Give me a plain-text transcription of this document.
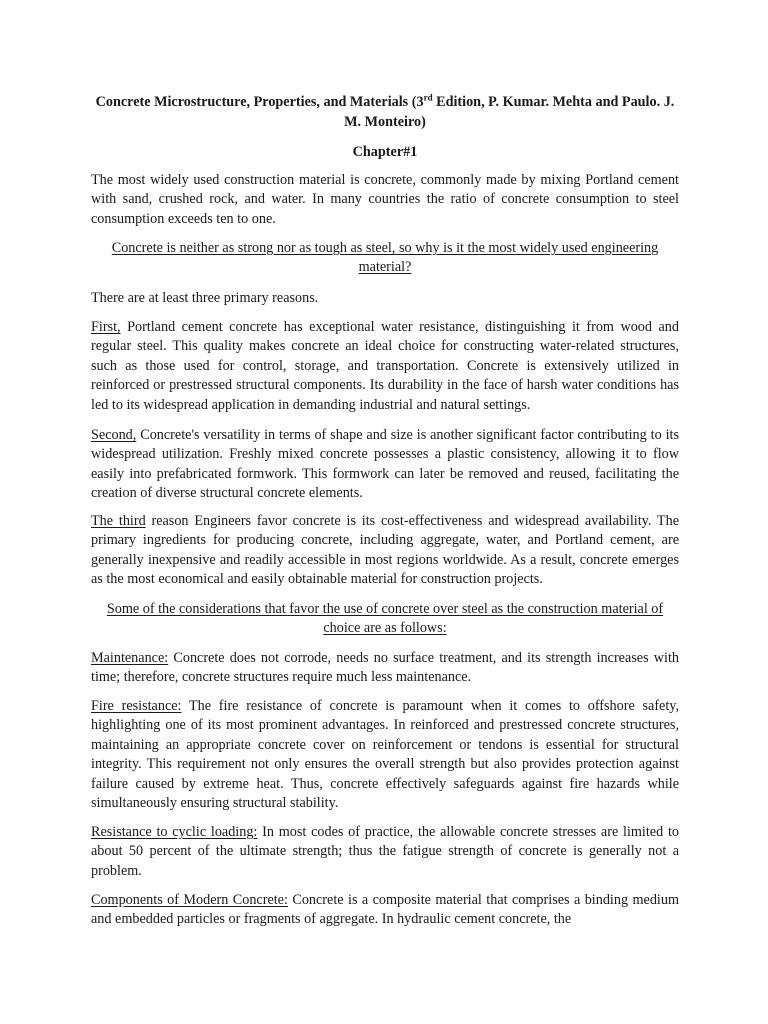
Concrete Microstructure, Properties, and Materials (3rd Edition, P. Kumar. Mehta and Paulo. J. M. Monteiro)
Chapter#1

The most widely used construction material is concrete, commonly made by mixing Portland cement with sand, crushed rock, and water. In many countries the ratio of concrete consumption to steel consumption exceeds ten to one.

Concrete is neither as strong nor as tough as steel, so why is it the most widely used engineering material?

There are at least three primary reasons.

First, Portland cement concrete has exceptional water resistance, distinguishing it from wood and regular steel. This quality makes concrete an ideal choice for constructing water-related structures, such as those used for control, storage, and transportation. Concrete is extensively utilized in reinforced or prestressed structural components. Its durability in the face of harsh water conditions has led to its widespread application in demanding industrial and natural settings.

Second, Concrete's versatility in terms of shape and size is another significant factor contributing to its widespread utilization. Freshly mixed concrete possesses a plastic consistency, allowing it to flow easily into prefabricated formwork. This formwork can later be removed and reused, facilitating the creation of diverse structural concrete elements.

The third reason Engineers favor concrete is its cost-effectiveness and widespread availability. The primary ingredients for producing concrete, including aggregate, water, and Portland cement, are generally inexpensive and readily accessible in most regions worldwide. As a result, concrete emerges as the most economical and easily obtainable material for construction projects.

Some of the considerations that favor the use of concrete over steel as the construction material of choice are as follows:

Maintenance: Concrete does not corrode, needs no surface treatment, and its strength increases with time; therefore, concrete structures require much less maintenance.

Fire resistance: The fire resistance of concrete is paramount when it comes to offshore safety, highlighting one of its most prominent advantages. In reinforced and prestressed concrete structures, maintaining an appropriate concrete cover on reinforcement or tendons is essential for structural integrity. This requirement not only ensures the overall strength but also provides protection against failure caused by extreme heat. Thus, concrete effectively safeguards against fire hazards while simultaneously ensuring structural stability.

Resistance to cyclic loading: In most codes of practice, the allowable concrete stresses are limited to about 50 percent of the ultimate strength; thus the fatigue strength of concrete is generally not a problem.

Components of Modern Concrete: Concrete is a composite material that comprises a binding medium and embedded particles or fragments of aggregate. In hydraulic cement concrete, the
